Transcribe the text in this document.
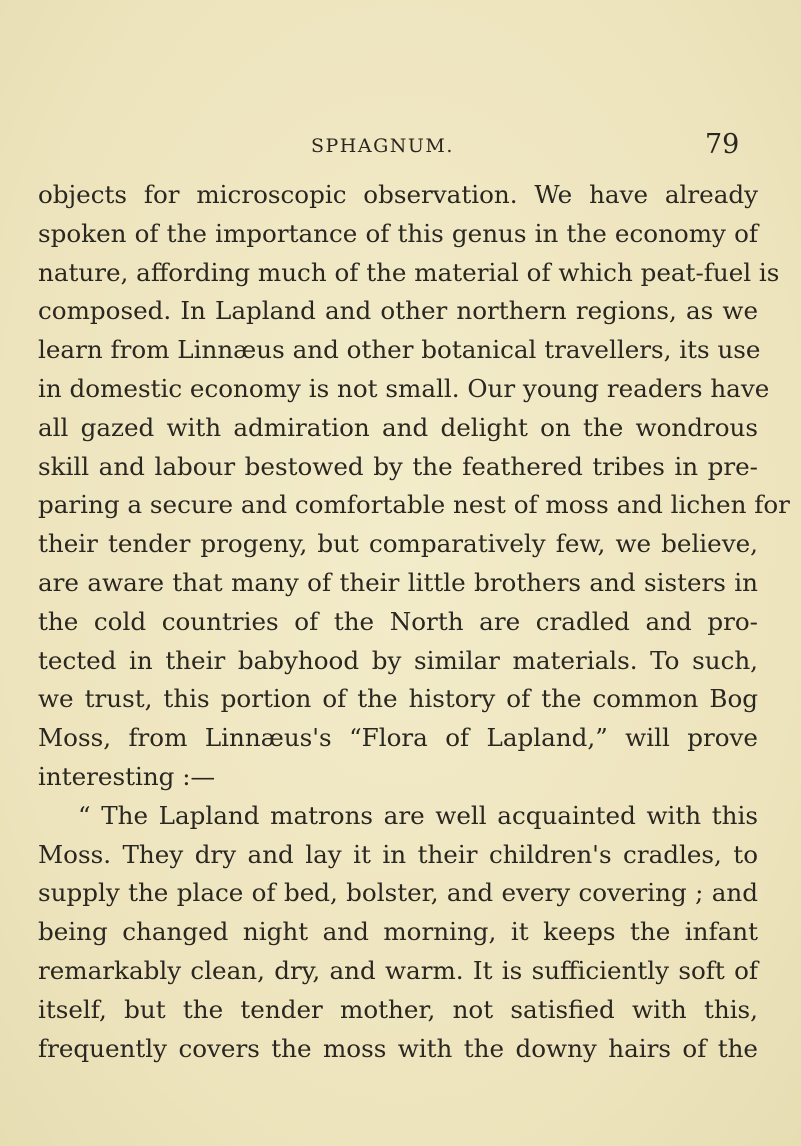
SPHAGNUM.	79
objects for microscopic observation. We have already
spoken of the importance of this genus in the economy of
nature, affording much of the material of which peat-fuel is
composed. In Lapland and other northern regions, as we
learn from Linnæus and other botanical travellers, its use
in domestic economy is not small. Our young readers have
all gazed with admiration and delight on the wondrous
skill and labour bestowed by the feathered tribes in pre-
paring a secure and comfortable nest of moss and lichen for
their tender progeny, but comparatively few, we believe,
are aware that many of their little brothers and sisters in
the cold countries of the North are cradled and pro-
tected in their babyhood by similar materials. To such,
we trust, this portion of the history of the common Bog
Moss, from Linnæus's “Flora of Lapland,” will prove
interesting :—
“ The Lapland matrons are well acquainted with this
Moss. They dry and lay it in their children's cradles, to
supply the place of bed, bolster, and every covering ; and
being changed night and morning, it keeps the infant
remarkably clean, dry, and warm. It is sufficiently soft of
itself, but the tender mother, not satisfied with this,
frequently covers the moss with the downy hairs of the
